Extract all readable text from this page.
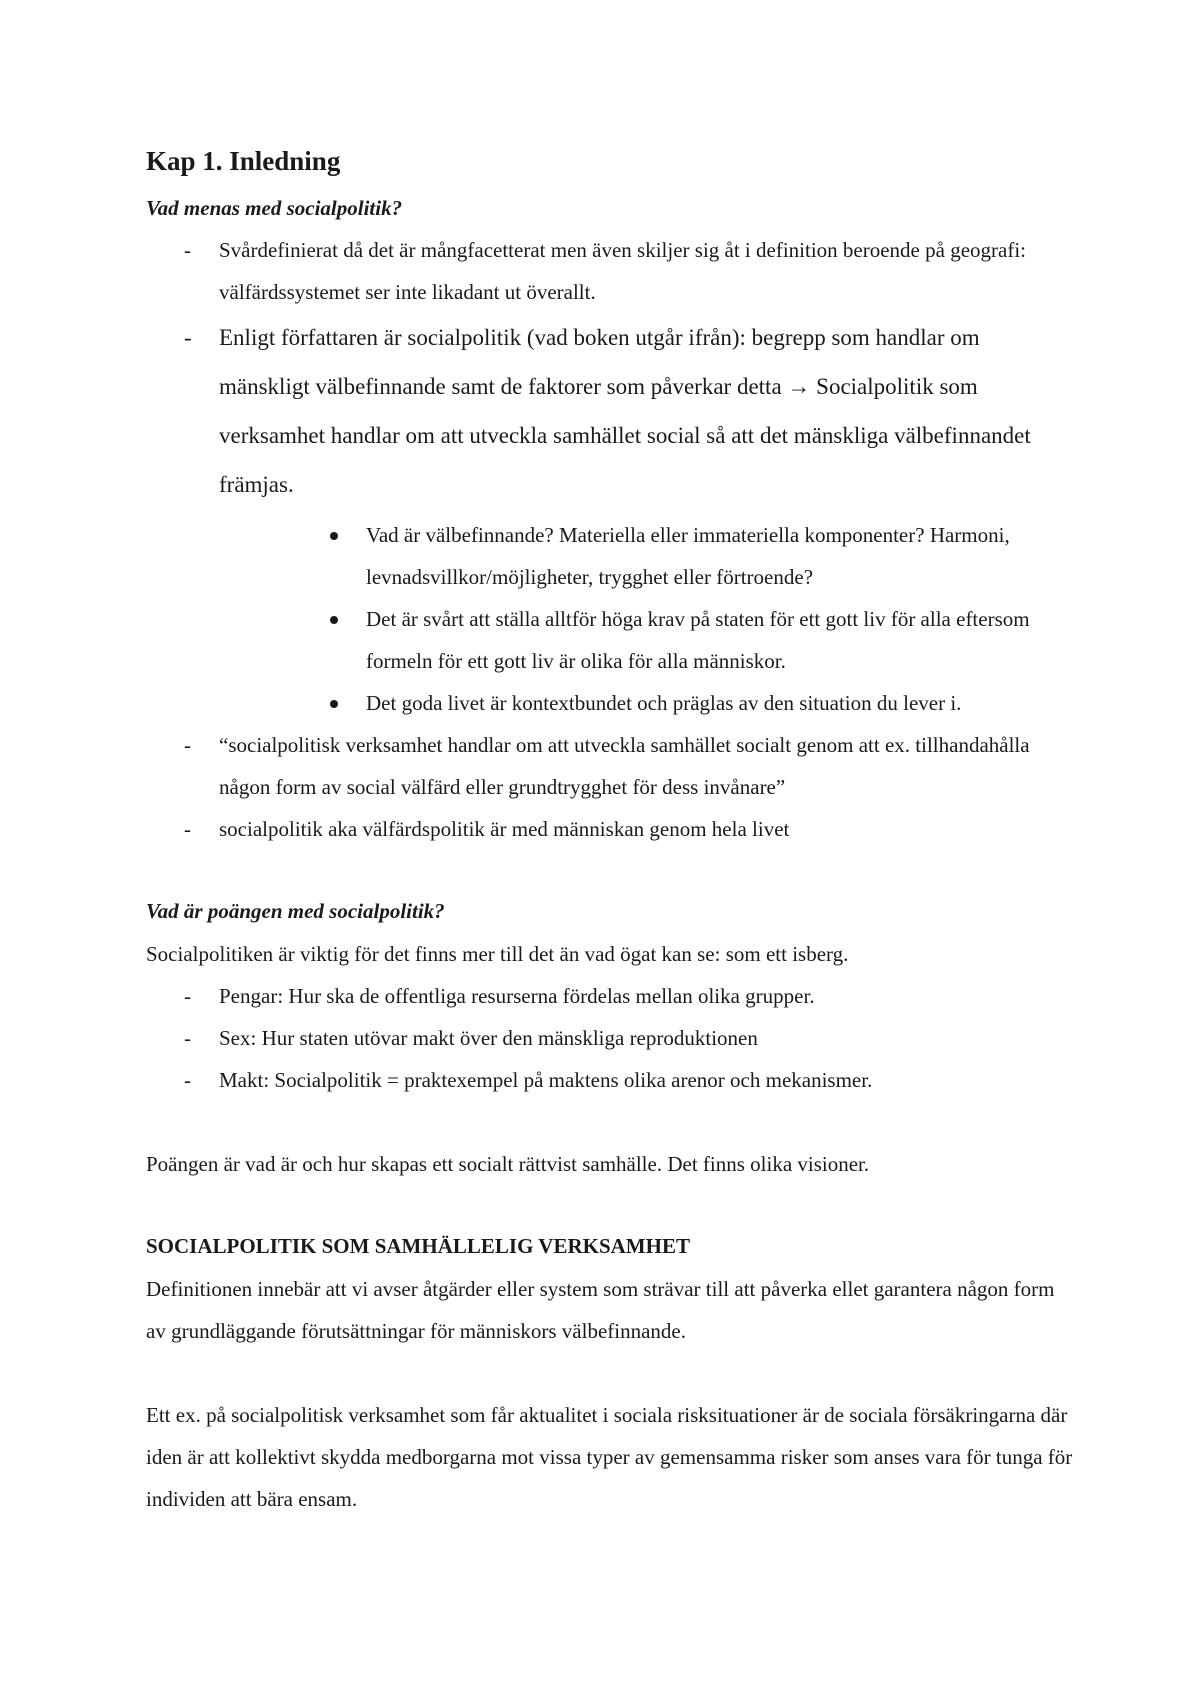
Kap 1. Inledning
Vad menas med socialpolitik?
- Svårdefinierat då det är mångfacetterat men även skiljer sig åt i definition beroende på geografi: välfärdssystemet ser inte likadant ut överallt.
- Enligt författaren är socialpolitik (vad boken utgår ifrån): begrepp som handlar om mänskligt välbefinnande samt de faktorer som påverkar detta → Socialpolitik som verksamhet handlar om att utveckla samhället social så att det mänskliga välbefinnandet främjas.
Vad är välbefinnande? Materiella eller immateriella komponenter? Harmoni, levnadsvillkor/möjligheter, trygghet eller förtroende?
Det är svårt att ställa alltför höga krav på staten för ett gott liv för alla eftersom formeln för ett gott liv är olika för alla människor.
Det goda livet är kontextbundet och präglas av den situation du lever i.
- “socialpolitisk verksamhet handlar om att utveckla samhället socialt genom att ex. tillhandahålla någon form av social välfärd eller grundtrygghet för dess invånare”
- socialpolitik aka välfärdspolitik är med människan genom hela livet
Vad är poängen med socialpolitik?

Socialpolitiken är viktig för det finns mer till det än vad ögat kan se: som ett isberg.

- Pengar: Hur ska de offentliga resurserna fördelas mellan olika grupper.
- Sex: Hur staten utövar makt över den mänskliga reproduktionen
- Makt: Socialpolitik = praktexempel på maktens olika arenor och mekanismer.

Poängen är vad är och hur skapas ett socialt rättvist samhälle. Det finns olika visioner.

SOCIALPOLITIK SOM SAMHÄLLELIG VERKSAMHET

Definitionen innebär att vi avser åtgärder eller system som strävar till att påverka ellet garantera någon form av grundläggande förutsättningar för människors välbefinnande.

Ett ex. på socialpolitisk verksamhet som får aktualitet i sociala risksituationer är de sociala försäkringarna där iden är att kollektivt skydda medborgarna mot vissa typer av gemensamma risker som anses vara för tunga för individen att bära ensam.
